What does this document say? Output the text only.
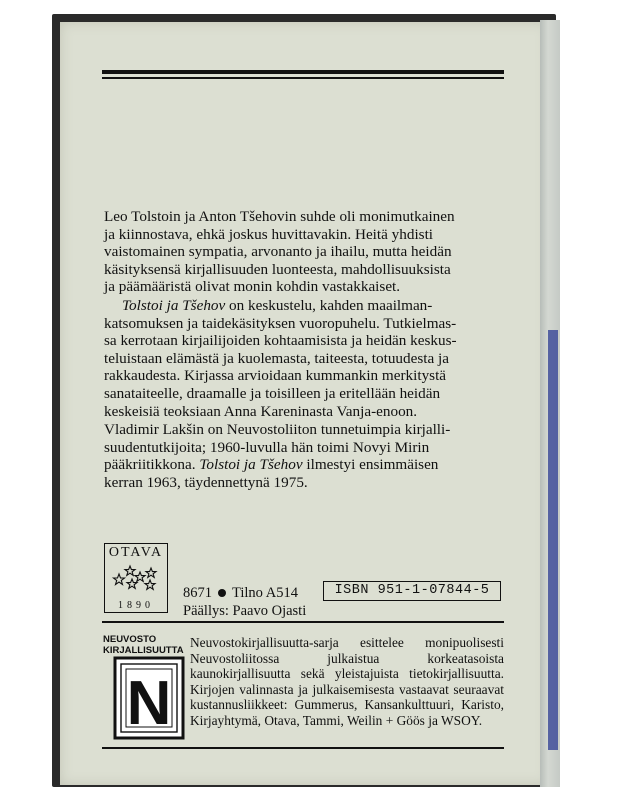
Leo Tolstoin ja Anton Tšehovin suhde oli monimutkainen
ja kiinnostava, ehkä joskus huvittavakin. Heitä yhdisti
vaistomainen sympatia, arvonanto ja ihailu, mutta heidän
käsityksensä kirjallisuuden luonteesta, mahdollisuuksista
ja päämääristä olivat monin kohdin vastakkaiset.

Tolstoi ja Tšehov on keskustelu, kahden maailman-
katsomuksen ja taidekäsityksen vuoropuhelu. Tutkielmas-
sa kerrotaan kirjailijoiden kohtaamisista ja heidän keskus-
teluistaan elämästä ja kuolemasta, taiteesta, totuudesta ja
rakkaudesta. Kirjassa arvioidaan kummankin merkitystä
sanataiteelle, draamalle ja toisilleen ja eritellään heidän
keskeisiä teoksiaan Anna Kareninasta Vanja-enoon.

Vladimir Lakšin on Neuvostoliiton tunnetuimpia kirjalli-
suudentutkijoita; 1960-luvulla hän toimi Novyi Mirin
pääkriitikkona. Tolstoi ja Tšehov ilmestyi ensimmäisen
kerran 1963, täydennettynä 1975.

OTAVA
1890
8671 Tilno A514
Päällys: Paavo Ojasti
ISBN 951-1-07844-5
NEUVOSTO
KIRJALLISUUTTA
N

Neuvostokirjallisuutta-sarja esittelee monipuolisesti Neuvostoliitossa julkaistua korkeatasoista kaunokirjallisuutta sekä yleistajuista tietokirjallisuutta. Kirjojen valinnasta ja julkaisemisesta vastaavat seuraavat kustannusliikkeet: Gummerus, Kansankulttuuri, Karisto, Kirjayhtymä, Otava, Tammi, Weilin + Göös ja WSOY.
